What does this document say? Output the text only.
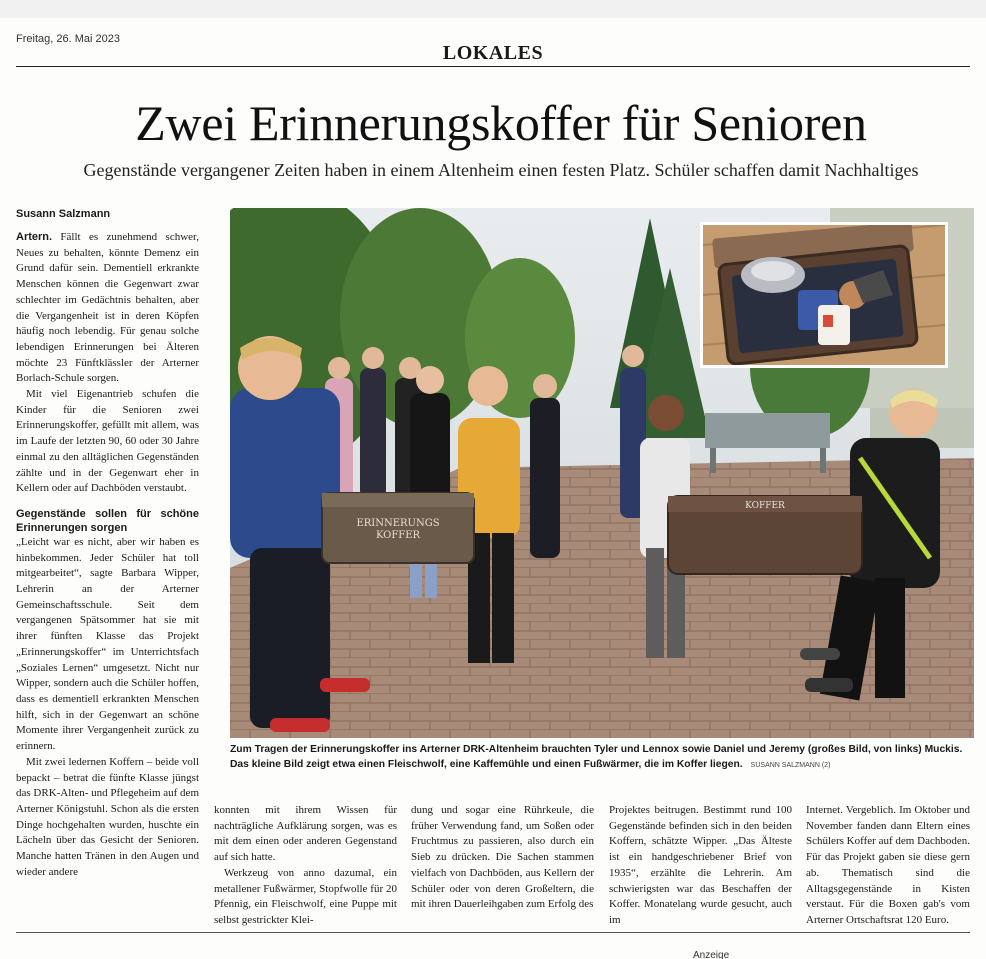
Freitag, 26. Mai 2023
LOKALES
Zwei Erinnerungskoffer für Senioren
Gegenstände vergangener Zeiten haben in einem Altenheim einen festen Platz. Schüler schaffen damit Nachhaltiges
Susann Salzmann

Artern. Fällt es zunehmend schwer, Neues zu behalten, könnte Demenz ein Grund dafür sein. Dementiell erkrankte Menschen können die Gegenwart zwar schlechter im Gedächtnis behalten, aber die Vergangenheit ist in deren Köpfen häufig noch lebendig. Für genau solche lebendigen Erinnerungen bei Älteren möchte 23 Fünftklässler der Arterner Borlach-Schule sorgen.

Mit viel Eigenantrieb schufen die Kinder für die Senioren zwei Erinnerungskoffer, gefüllt mit allem, was im Laufe der letzten 90, 60 oder 30 Jahre einmal zu den alltäglichen Gegenständen zählte und in der Gegenwart eher in Kellern oder auf Dachböden verstaubt.

Gegenstände sollen für schöne Erinnerungen sorgen

„Leicht war es nicht, aber wir haben es hinbekommen. Jeder Schüler hat toll mitgearbeitet“, sagte Barbara Wipper, Lehrerin an der Arterner Gemeinschaftsschule. Seit dem vergangenen Spätsommer hat sie mit ihrer fünften Klasse das Projekt „Erinnerungskoffer“ im Unterrichtsfach „Soziales Lernen“ umgesetzt. Nicht nur Wipper, sondern auch die Schüler hoffen, dass es dementiell erkrankten Menschen hilft, sich in der Gegenwart an schöne Momente ihrer Vergangenheit zurück zu erinnern.

Mit zwei ledernen Koffern – beide voll bepackt – betrat die fünfte Klasse jüngst das DRK-Alten- und Pflegeheim auf dem Arterner Königstuhl. Schon als die ersten Dinge hochgehalten wurden, huschte ein Lächeln über das Gesicht der Senioren. Manche hatten Tränen in den Augen und wieder andere

ERINNERUNGS
KOFFER
KOFFER
Zum Tragen der Erinnerungskoffer ins Arterner DRK-Altenheim brauchten Tyler und Lennox sowie Daniel und Jeremy (großes Bild, von links) Muckis. Das kleine Bild zeigt etwa einen Fleischwolf, eine Kaffemühle und einen Fußwärmer, die im Koffer liegen. SUSANN SALZMANN (2)

konnten mit ihrem Wissen für nachträgliche Aufklärung sorgen, was es mit dem einen oder anderen Gegenstand auf sich hatte.

Werkzeug von anno dazumal, ein metallener Fußwärmer, Stopfwolle für 20 Pfennig, ein Fleischwolf, eine Puppe mit selbst gestrickter Klei-

dung und sogar eine Rührkeule, die früher Verwendung fand, um Soßen oder Fruchtmus zu passieren, also durch ein Sieb zu drücken. Die Sachen stammen vielfach von Dachböden, aus Kellern der Schüler oder von deren Großeltern, die mit ihren Dauerleihgaben zum Erfolg des

Projektes beitrugen. Bestimmt rund 100 Gegenstände befinden sich in den beiden Koffern, schätzte Wipper. „Das Älteste ist ein handgeschriebener Brief von 1935“, erzählte die Lehrerin. Am schwierigsten war das Beschaffen der Koffer. Monatelang wurde gesucht, auch im

Internet. Vergeblich. Im Oktober und November fanden dann Eltern eines Schülers Koffer auf dem Dachboden. Für das Projekt gaben sie diese gern ab. Thematisch sind die Alltagsgegenstände in Kisten verstaut. Für die Boxen gab's vom Arterner Ortschaftsrat 120 Euro.

Anzeige
